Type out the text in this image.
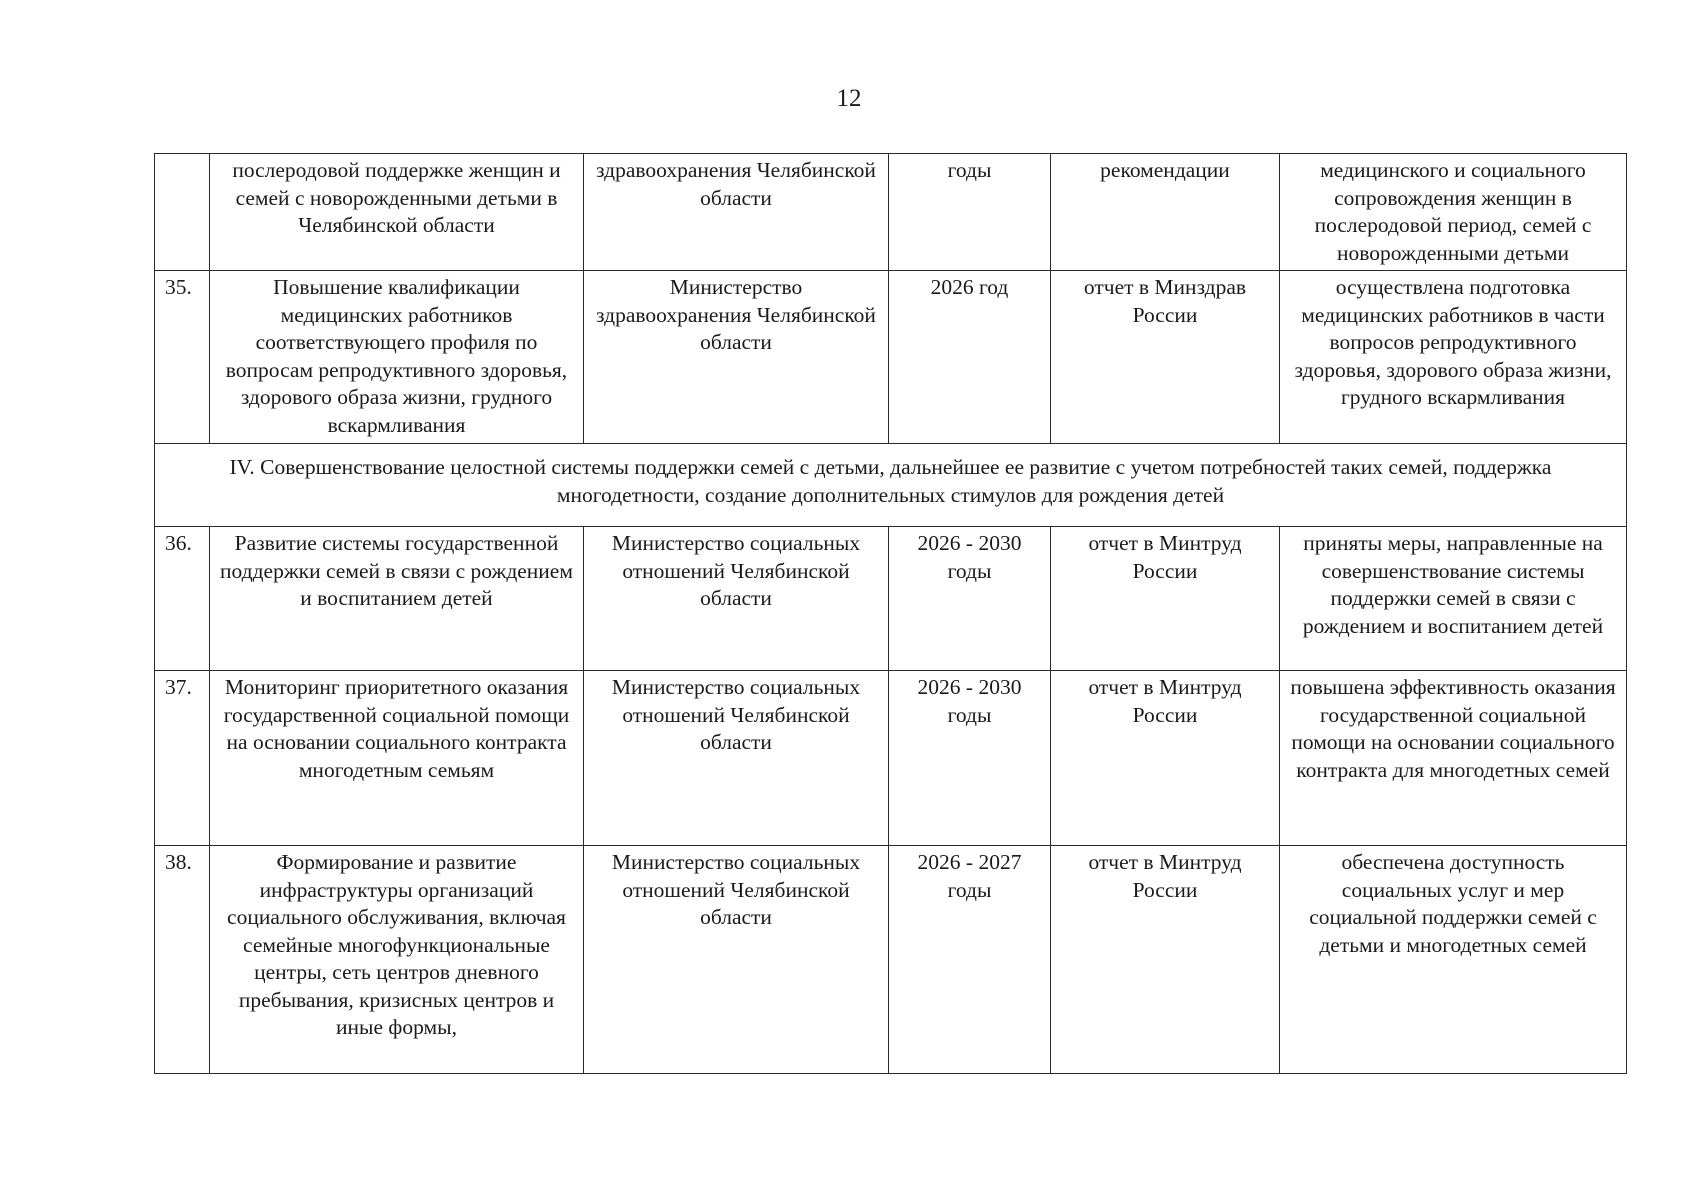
12
	послеродовой поддержке женщин и семей с новорожденными детьми в Челябинской области	здравоохранения Челябинской области	годы	рекомендации	медицинского и социального сопровождения женщин в послеродовой период, семей с новорожденными детьми
35.	Повышение квалификации медицинских работников соответствующего профиля по вопросам репродуктивного здоровья, здорового образа жизни, грудного вскармливания	Министерство здравоохранения Челябинской области	2026 год	отчет в Минздрав России	осуществлена подготовка медицинских работников в части вопросов репродуктивного здоровья, здорового образа жизни, грудного вскармливания
IV. Совершенствование целостной системы поддержки семей с детьми, дальнейшее ее развитие с учетом потребностей таких семей, поддержка многодетности, создание дополнительных стимулов для рождения детей					
36.	Развитие системы государственной поддержки семей в связи с рождением и воспитанием детей	Министерство социальных отношений Челябинской области	2026 - 2030 годы	отчет в Минтруд России	приняты меры, направленные на совершенствование системы поддержки семей в связи с рождением и воспитанием детей
37.	Мониторинг приоритетного оказания государственной социальной помощи на основании социального контракта многодетным семьям	Министерство социальных отношений Челябинской области	2026 - 2030 годы	отчет в Минтруд России	повышена эффективность оказания государственной социальной помощи на основании социального контракта для многодетных семей
38.	Формирование и развитие инфраструктуры организаций социального обслуживания, включая семейные многофункциональные центры, сеть центров дневного пребывания, кризисных центров и иные формы,	Министерство социальных отношений Челябинской области	2026 - 2027 годы	отчет в Минтруд России	обеспечена доступность социальных услуг и мер социальной поддержки семей с детьми и многодетных семей
